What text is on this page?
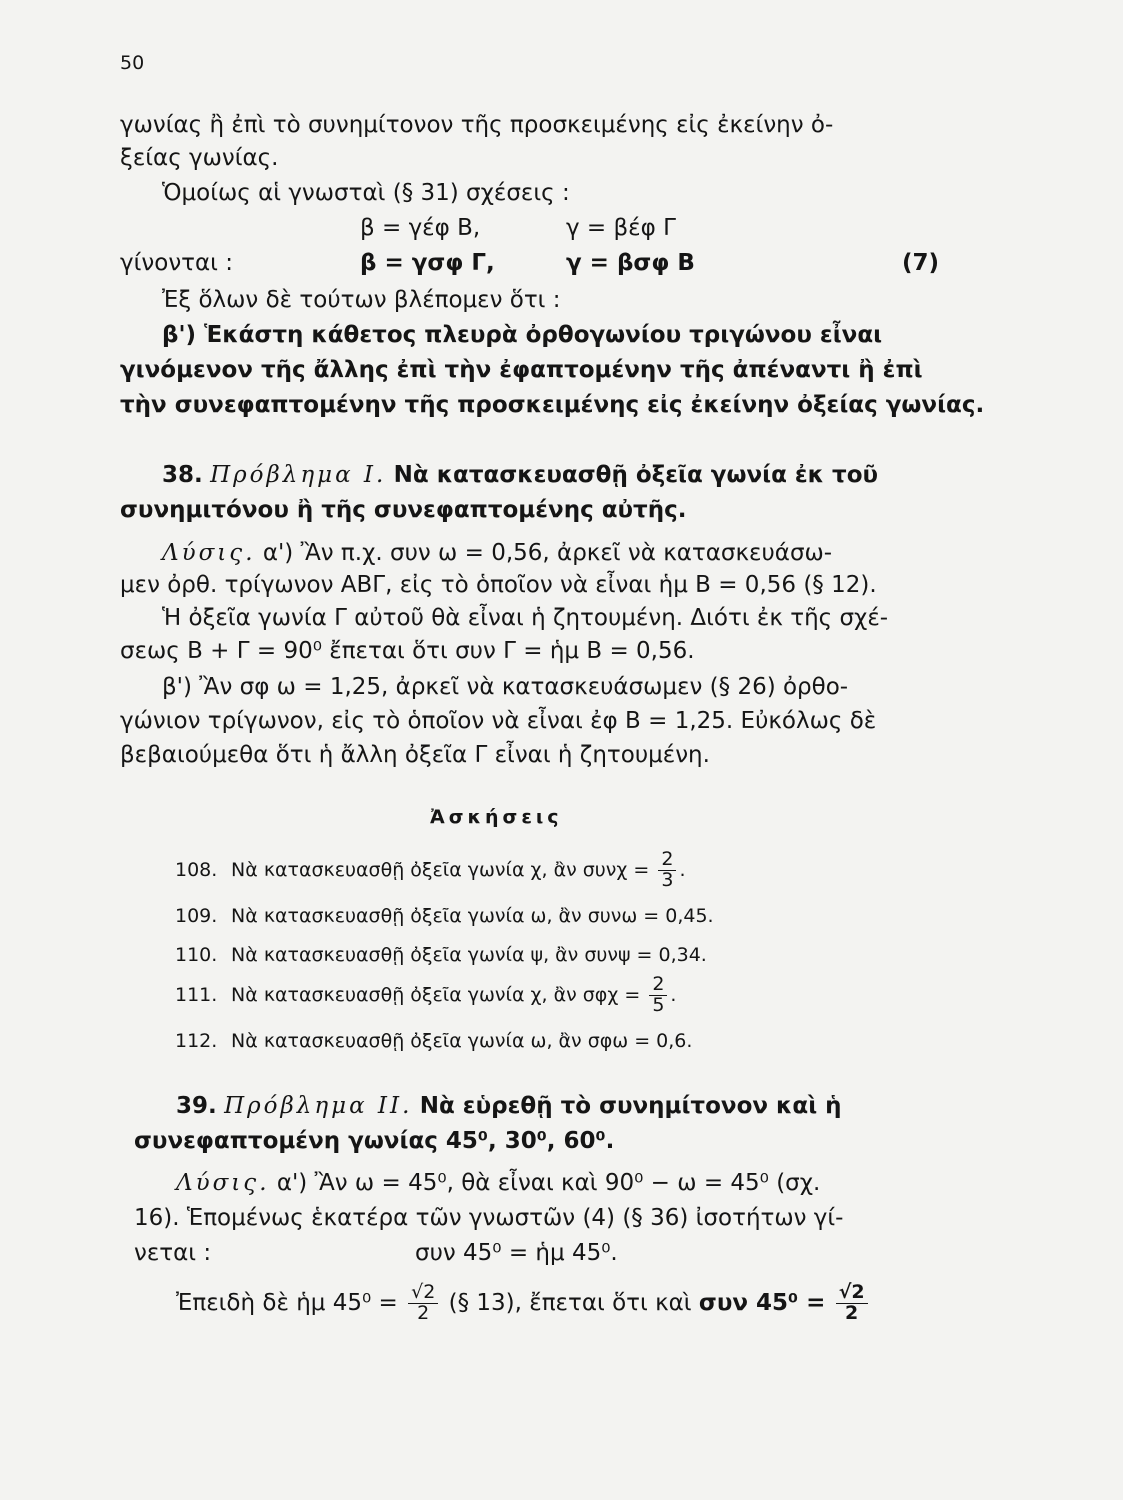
50
γωνίας ἢ ἐπὶ τὸ συνημίτονον τῆς προσκειμένης εἰς ἐκείνην ὀ-
ξείας γωνίας.
Ὁμοίως αἱ γνωσταὶ (§ 31) σχέσεις :
β = γέφ Β,	γ = βέφ Γ
γίνονται :	β = γσφ Γ,	γ = βσφ Β	(7)
Ἐξ ὅλων δὲ τούτων βλέπομεν ὅτι :
β') Ἑκάστη κάθετος πλευρὰ ὀρθογωνίου τριγώνου εἶναι
γινόμενον τῆς ἄλλης ἐπὶ τὴν ἐφαπτομένην τῆς ἀπέναντι ἢ ἐπὶ
τὴν συνεφαπτομένην τῆς προσκειμένης εἰς ἐκείνην ὀξείας γωνίας.
38. Πρόβλημα Ι. Νὰ κατασκευασθῇ ὀξεῖα γωνία ἐκ τοῦ
συνημιτόνου ἢ τῆς συνεφαπτομένης αὐτῆς.
Λύσις. α') Ἂν π.χ. συν ω = 0,56, ἀρκεῖ νὰ κατασκευάσω-
μεν ὀρθ. τρίγωνον ΑΒΓ, εἰς τὸ ὁποῖον νὰ εἶναι ἡμ Β = 0,56 (§ 12).
Ἡ ὀξεῖα γωνία Γ αὐτοῦ θὰ εἶναι ἡ ζητουμένη. Διότι ἐκ τῆς σχέ-
σεως Β + Γ = 90⁰ ἔπεται ὅτι συν Γ = ἡμ Β = 0,56.
β') Ἂν σφ ω = 1,25, ἀρκεῖ νὰ κατασκευάσωμεν (§ 26) ὀρθο-
γώνιον τρίγωνον, εἰς τὸ ὁποῖον νὰ εἶναι ἐφ Β = 1,25. Εὐκόλως δὲ
βεβαιούμεθα ὅτι ἡ ἄλλη ὀξεῖα Γ εἶναι ἡ ζητουμένη.
Ἀσκήσεις
108. Νὰ κατασκευασθῇ ὀξεῖα γωνία χ, ἂν $\sigma\upsilon\nu\chi = \frac{2}{3}$ .
109. Νὰ κατασκευασθῇ ὀξεῖα γωνία ω, ἂν συνω = 0,45.
110. Νὰ κατασκευασθῇ ὀξεῖα γωνία ψ, ἂν συνψ = 0,34.
111. Νὰ κατασκευασθῇ ὀξεῖα γωνία χ, ἂν $\sigma\varphi\chi = \frac{2}{5}$ .
112. Νὰ κατασκευασθῇ ὀξεῖα γωνία ω, ἂν σφω = 0,6.
39. Πρόβλημα ΙΙ. Νὰ εὑρεθῇ τὸ συνημίτονον καὶ ἡ
συνεφαπτομένη γωνίας 45⁰, 30⁰, 60⁰.
Λύσις. α') Ἂν ω = 45⁰, θὰ εἶναι καὶ 90⁰ − ω = 45⁰ (σχ.
16). Ἑπομένως ἑκατέρα τῶν γνωστῶν (4) (§ 36) ἰσοτήτων γί-
νεται :	συν 45⁰ = ἡμ 45⁰.
Ἐπειδὴ δὲ ἡμ $45^0 = \frac{√2}{2}$ (§ 13), ἔπεται ὅτι καὶ συν $45^0 = \frac{√2}{2}$
